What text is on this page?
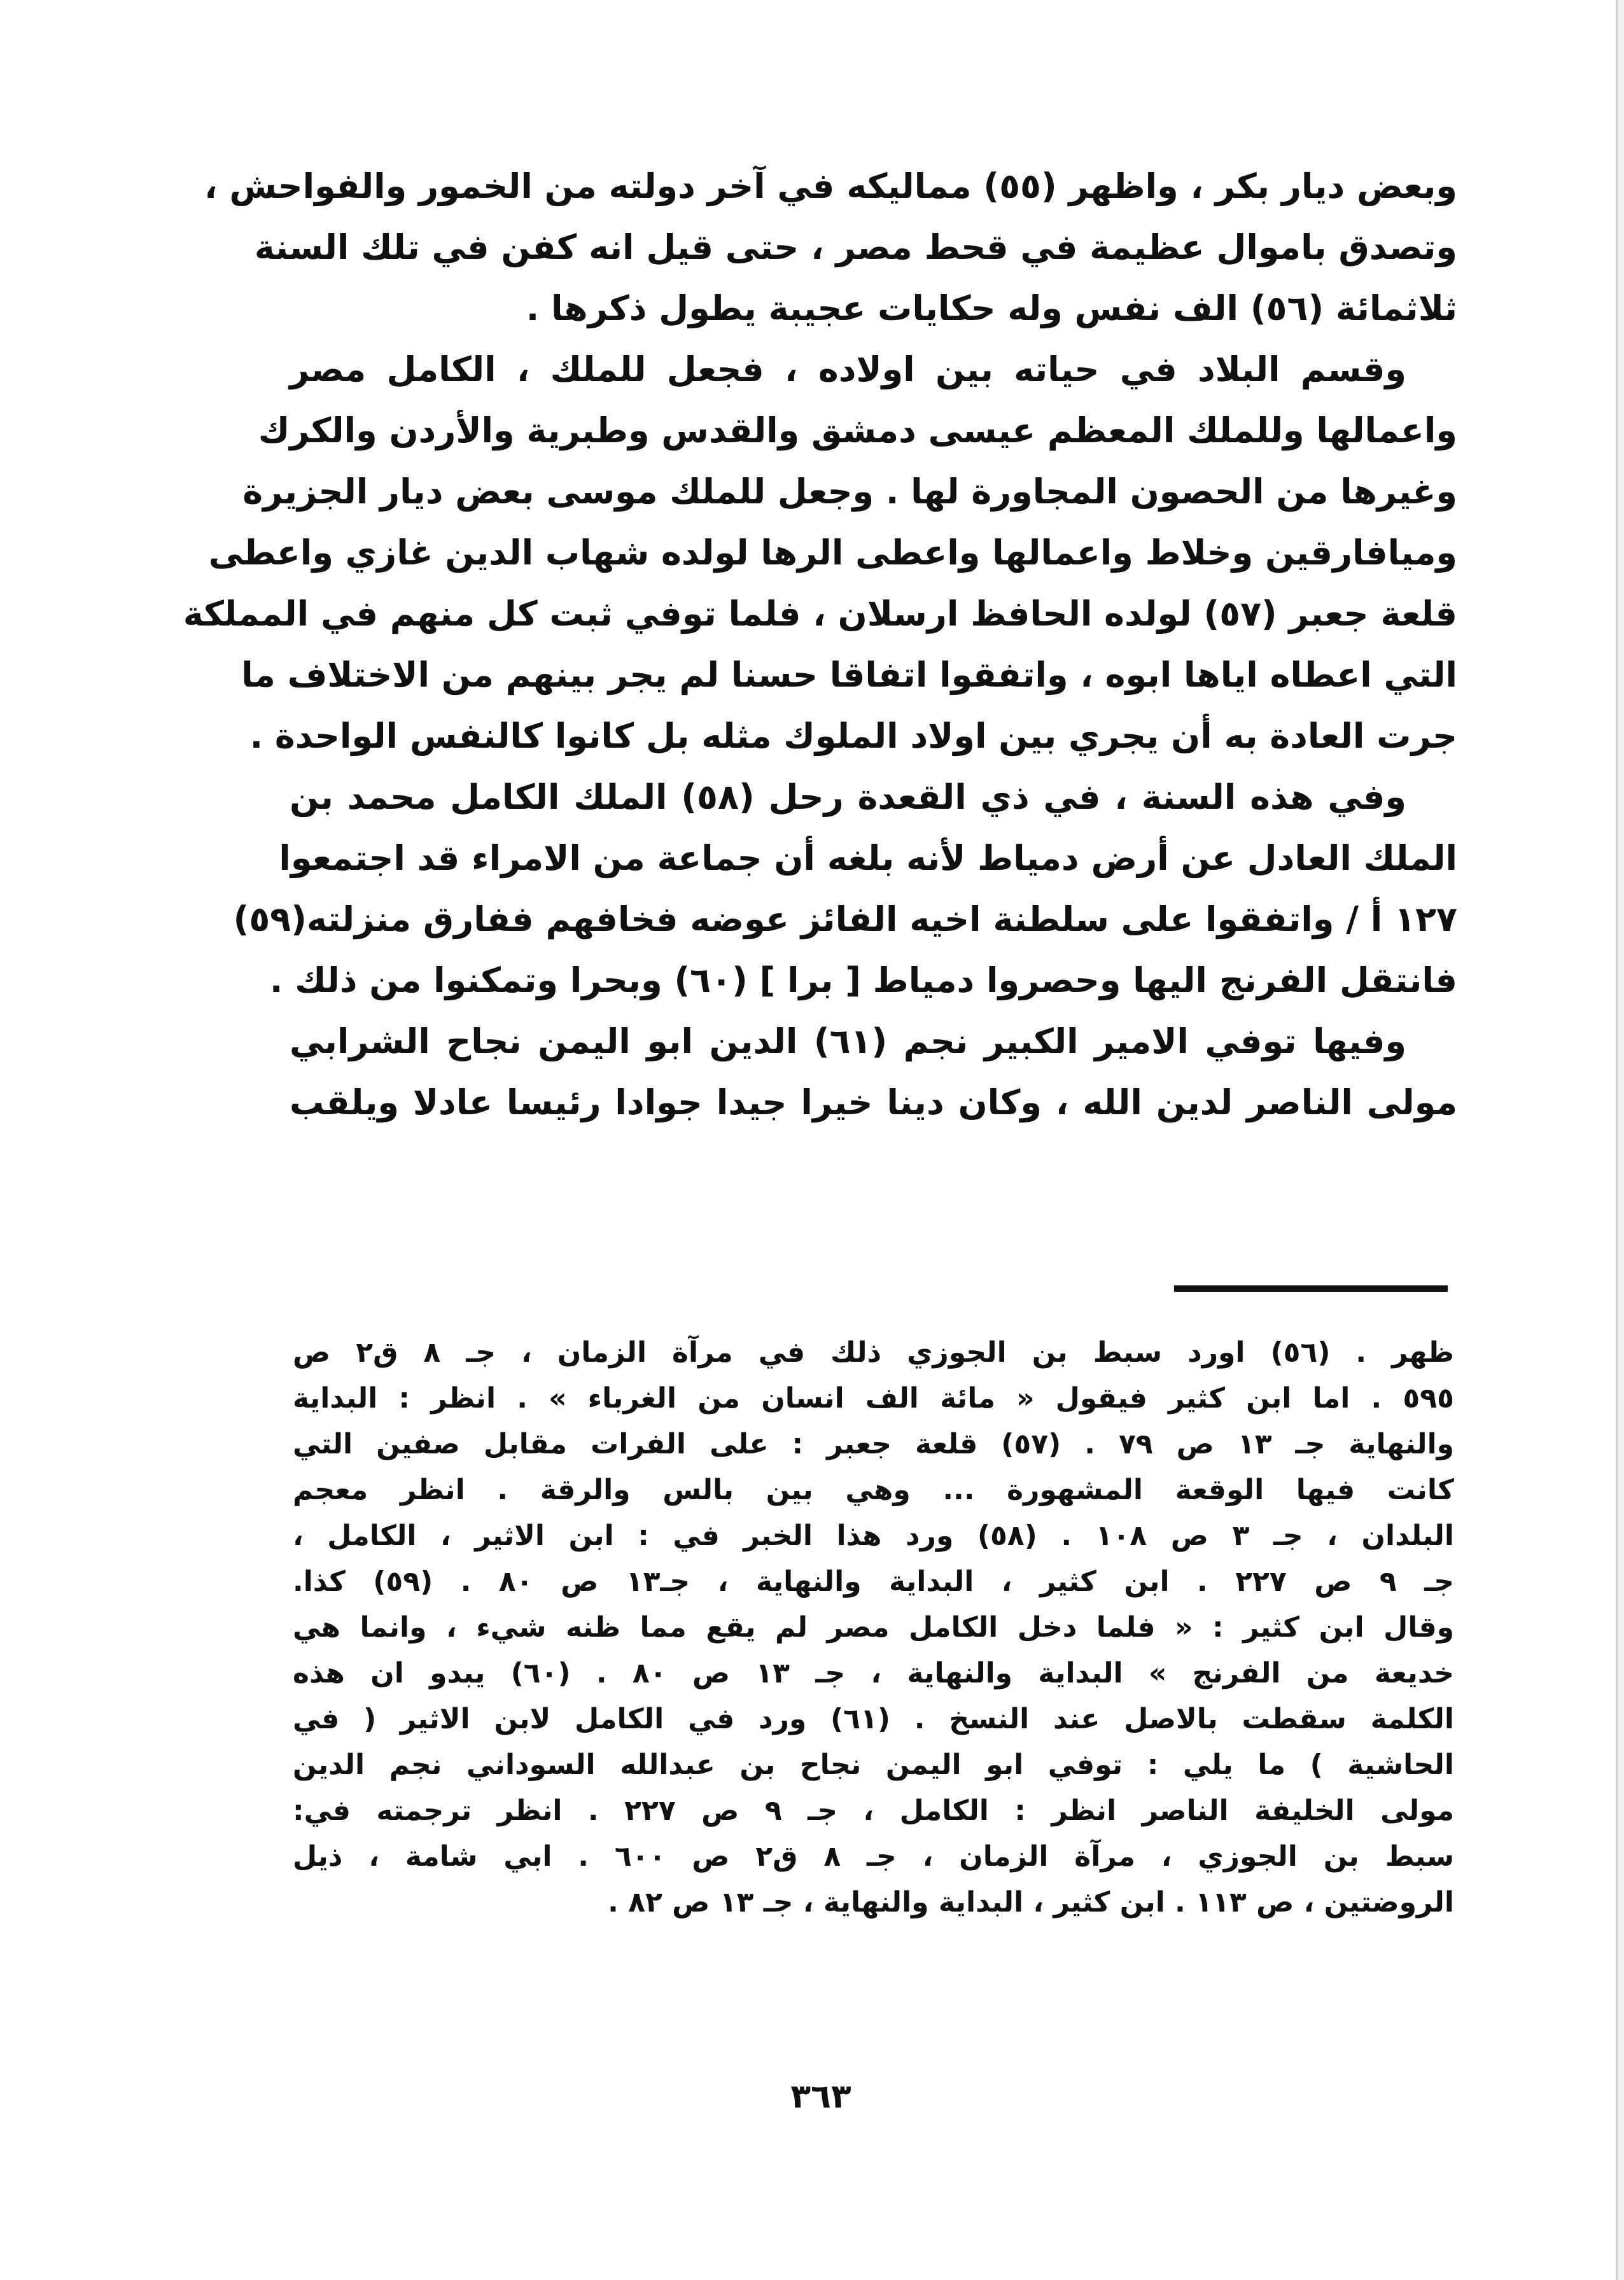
وبعض ديار بكر ، واظهر (٥٥) مماليكه في آخر دولته من الخمور والفواحش ،
وتصدق باموال عظيمة في قحط مصر ، حتى قيل انه كفن في تلك السنة
ثلاثمائة (٥٦) الف نفس وله حكايات عجيبة يطول ذكرها .
وقسم البلاد في حياته بين اولاده ، فجعل للملك ، الكامل مصر
واعمالها وللملك المعظم عيسى دمشق والقدس وطبرية والأردن والكرك
وغيرها من الحصون المجاورة لها . وجعل للملك موسى بعض ديار الجزيرة
وميافارقين وخلاط واعمالها واعطى الرها لولده شهاب الدين غازي واعطى
قلعة جعبر (٥٧) لولده الحافظ ارسلان ، فلما توفي ثبت كل منهم في المملكة
التي اعطاه اياها ابوه ، واتفقوا اتفاقا حسنا لم يجر بينهم من الاختلاف ما
جرت العادة به أن يجري بين اولاد الملوك مثله بل كانوا كالنفس الواحدة .
وفي هذه السنة ، في ذي القعدة رحل (٥٨) الملك الكامل محمد بن
الملك العادل عن أرض دمياط لأنه بلغه أن جماعة من الامراء قد اجتمعوا
١٢٧ أ / واتفقوا على سلطنة اخيه الفائز عوضه فخافهم ففارق منزلته(٥٩)
فانتقل الفرنج اليها وحصروا دمياط [ برا ] (٦٠) وبحرا وتمكنوا من ذلك .
وفيها توفي الامير الكبير نجم (٦١) الدين ابو اليمن نجاح الشرابي
مولى الناصر لدين الله ، وكان دينا خيرا جيدا جوادا رئيسا عادلا ويلقب
ظهر . (٥٦) اورد سبط بن الجوزي ذلك في مرآة الزمان ، جـ ٨ ق٢ ص
٥٩٥ . اما ابن كثير فيقول « مائة الف انسان من الغرباء » . انظر : البداية
والنهاية جـ ١٣ ص ٧٩ . (٥٧) قلعة جعبر : على الفرات مقابل صفين التي
كانت فيها الوقعة المشهورة ... وهي بين بالس والرقة . انظر معجم
البلدان ، جـ ٣ ص ١٠٨ . (٥٨) ورد هذا الخبر في : ابن الاثير ، الكامل ،
جـ ٩ ص ٢٢٧ . ابن كثير ، البداية والنهاية ، جـ١٣ ص ٨٠ . (٥٩) كذا.
وقال ابن كثير : « فلما دخل الكامل مصر لم يقع مما ظنه شيء ، وانما هي
خديعة من الفرنج » البداية والنهاية ، جـ ١٣ ص ٨٠ . (٦٠) يبدو ان هذه
الكلمة سقطت بالاصل عند النسخ . (٦١) ورد في الكامل لابن الاثير ( في
الحاشية ) ما يلي : توفي ابو اليمن نجاح بن عبدالله السوداني نجم الدين
مولى الخليفة الناصر انظر : الكامل ، جـ ٩ ص ٢٢٧ . انظر ترجمته في:
سبط بن الجوزي ، مرآة الزمان ، جـ ٨ ق٢ ص ٦٠٠ . ابي شامة ، ذيل
الروضتين ، ص ١١٣ . ابن كثير ، البداية والنهاية ، جـ ١٣ ص ٨٢ .
٣٦٣
